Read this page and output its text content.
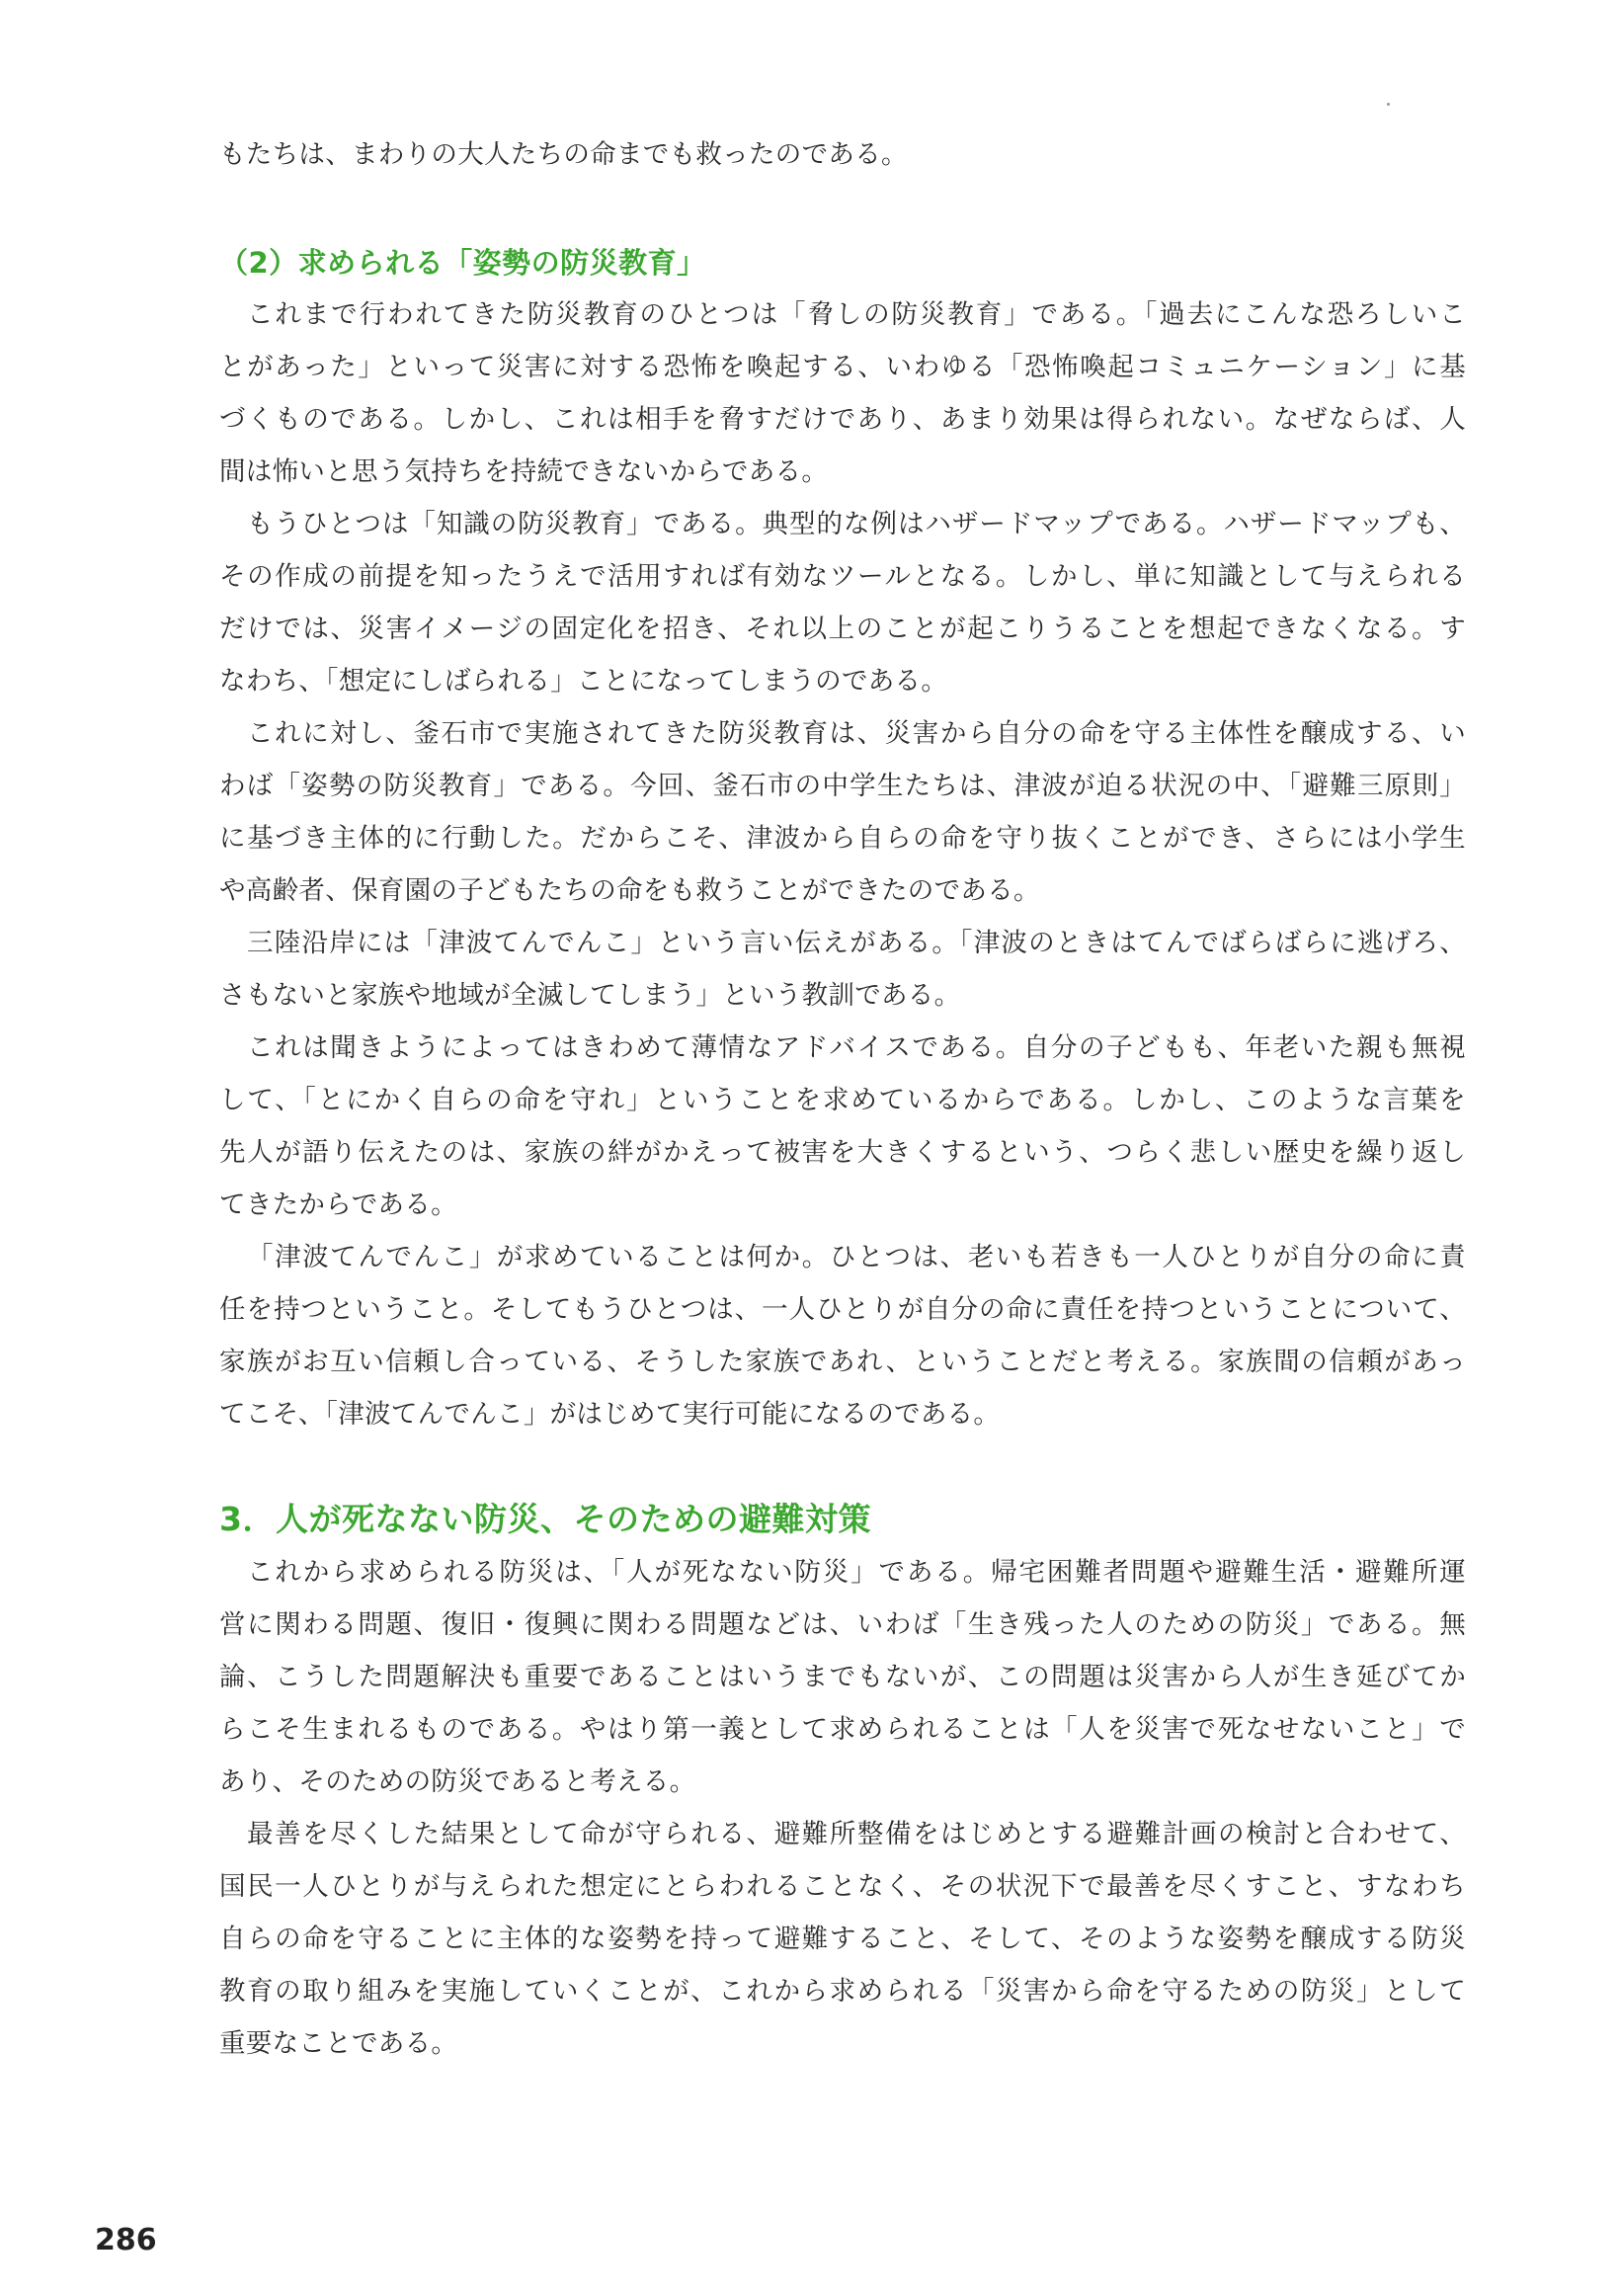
もたちは、まわりの大人たちの命までも救ったのである。
（2）求められる「姿勢の防災教育」
これまで行われてきた防災教育のひとつは「脅しの防災教育」である。「過去にこんな恐ろしいこ
とがあった」といって災害に対する恐怖を喚起する、いわゆる「恐怖喚起コミュニケーション」に基
づくものである。しかし、これは相手を脅すだけであり、あまり効果は得られない。なぜならば、人
間は怖いと思う気持ちを持続できないからである。
もうひとつは「知識の防災教育」である。典型的な例はハザードマップである。ハザードマップも、
その作成の前提を知ったうえで活用すれば有効なツールとなる。しかし、単に知識として与えられる
だけでは、災害イメージの固定化を招き、それ以上のことが起こりうることを想起できなくなる。す
なわち、「想定にしばられる」ことになってしまうのである。
これに対し、釜石市で実施されてきた防災教育は、災害から自分の命を守る主体性を醸成する、い
わば「姿勢の防災教育」である。今回、釜石市の中学生たちは、津波が迫る状況の中、「避難三原則」
に基づき主体的に行動した。だからこそ、津波から自らの命を守り抜くことができ、さらには小学生
や高齢者、保育園の子どもたちの命をも救うことができたのである。
三陸沿岸には「津波てんでんこ」という言い伝えがある。「津波のときはてんでばらばらに逃げろ、
さもないと家族や地域が全滅してしまう」という教訓である。
これは聞きようによってはきわめて薄情なアドバイスである。自分の子どもも、年老いた親も無視
して、「とにかく自らの命を守れ」ということを求めているからである。しかし、このような言葉を
先人が語り伝えたのは、家族の絆がかえって被害を大きくするという、つらく悲しい歴史を繰り返し
てきたからである。
「津波てんでんこ」が求めていることは何か。ひとつは、老いも若きも一人ひとりが自分の命に責
任を持つということ。そしてもうひとつは、一人ひとりが自分の命に責任を持つということについて、
家族がお互い信頼し合っている、そうした家族であれ、ということだと考える。家族間の信頼があっ
てこそ、「津波てんでんこ」がはじめて実行可能になるのである。
3．人が死なない防災、そのための避難対策
これから求められる防災は、「人が死なない防災」である。帰宅困難者問題や避難生活・避難所運
営に関わる問題、復旧・復興に関わる問題などは、いわば「生き残った人のための防災」である。無
論、こうした問題解決も重要であることはいうまでもないが、この問題は災害から人が生き延びてか
らこそ生まれるものである。やはり第一義として求められることは「人を災害で死なせないこと」で
あり、そのための防災であると考える。
最善を尽くした結果として命が守られる、避難所整備をはじめとする避難計画の検討と合わせて、
国民一人ひとりが与えられた想定にとらわれることなく、その状況下で最善を尽くすこと、すなわち
自らの命を守ることに主体的な姿勢を持って避難すること、そして、そのような姿勢を醸成する防災
教育の取り組みを実施していくことが、これから求められる「災害から命を守るための防災」として
重要なことである。
286
